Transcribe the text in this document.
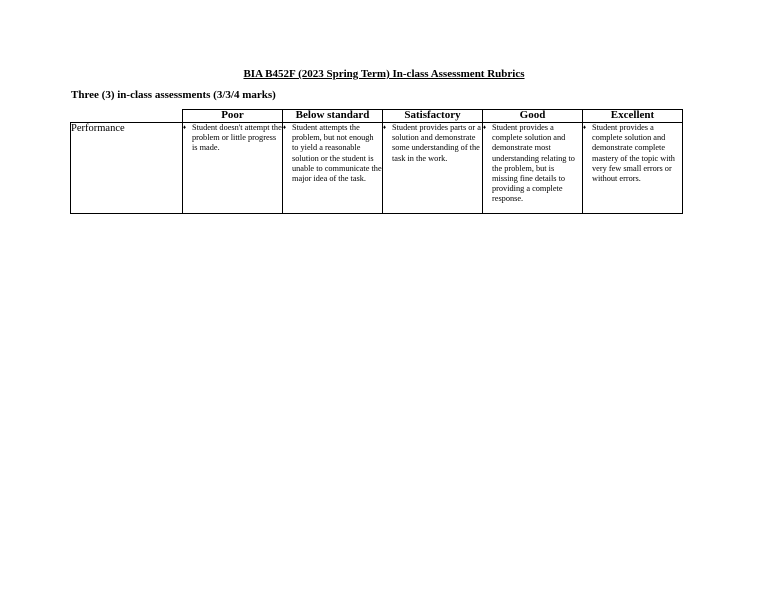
BIA B452F (2023 Spring Term) In-class Assessment Rubrics
Three (3) in-class assessments (3/3/4 marks)
	Poor	Below standard	Satisfactory	Good	Excellent
Performance	♦ Student doesn't attempt the problem or little progress is made.	♦ Student attempts the problem, but not enough to yield a reasonable solution or the student is unable to communicate the major idea of the task.	♦ Student provides parts or a solution and demonstrate some understanding of the task in the work.	♦ Student provides a complete solution and demonstrate most understanding relating to the problem, but is missing fine details to providing a complete response.	♦ Student provides a complete solution and demonstrate complete mastery of the topic with very few small errors or without errors.
